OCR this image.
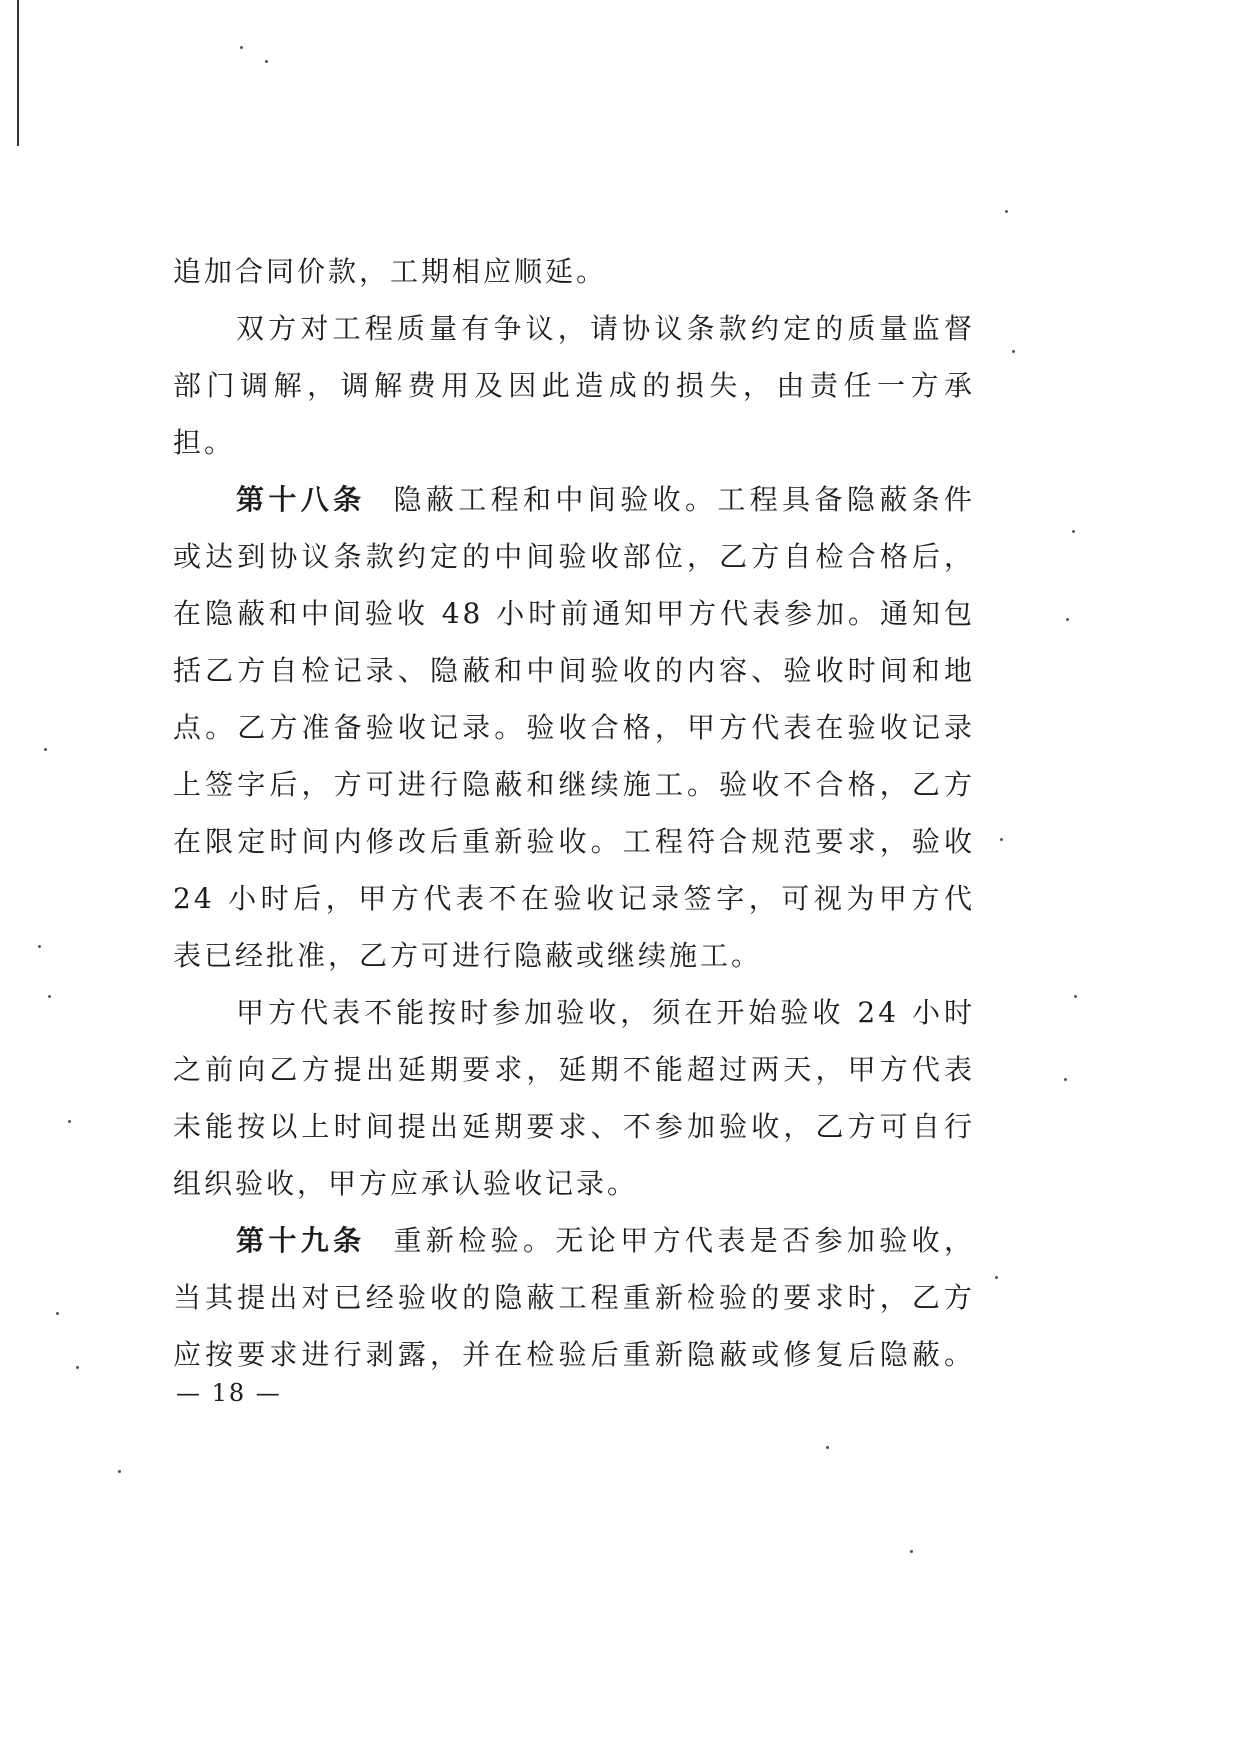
追加合同价款，工期相应顺延。
双方对工程质量有争议，请协议条款约定的质量监督
部门调解，调解费用及因此造成的损失，由责任一方承
担。
第十八条 隐蔽工程和中间验收。工程具备隐蔽条件
或达到协议条款约定的中间验收部位，乙方自检合格后，
在隐蔽和中间验收 48 小时前通知甲方代表参加。通知包
括乙方自检记录、隐蔽和中间验收的内容、验收时间和地
点。乙方准备验收记录。验收合格，甲方代表在验收记录
上签字后，方可进行隐蔽和继续施工。验收不合格，乙方
在限定时间内修改后重新验收。工程符合规范要求，验收
24 小时后，甲方代表不在验收记录签字，可视为甲方代
表已经批准，乙方可进行隐蔽或继续施工。
甲方代表不能按时参加验收，须在开始验收 24 小时
之前向乙方提出延期要求，延期不能超过两天，甲方代表
未能按以上时间提出延期要求、不参加验收，乙方可自行
组织验收，甲方应承认验收记录。
第十九条 重新检验。无论甲方代表是否参加验收，
当其提出对已经验收的隐蔽工程重新检验的要求时，乙方
应按要求进行剥露，并在检验后重新隐蔽或修复后隐蔽。
— 18 —
